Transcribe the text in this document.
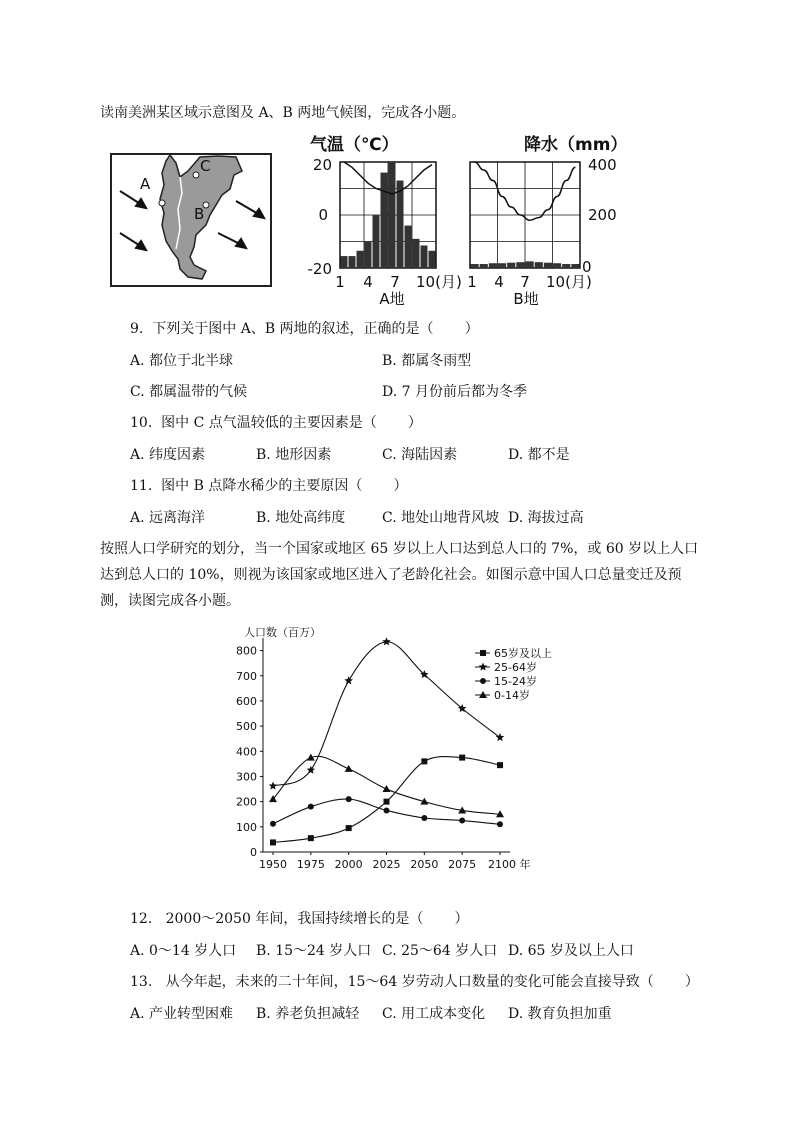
读南美洲某区域示意图及 A、B 两地气候图，完成各小题。
C
A
B
气温（℃）
20
0
-20
1 4 7 10(月)
A地
降水（mm）
400
200
0
1 4 7 10(月)
B地
9.  下列关于图中 A、B 两地的叙述，正确的是（       ）
A. 都位于北半球	B. 都属冬雨型
C. 都属温带的气候	D. 7 月份前后都为冬季
10.  图中 C 点气温较低的主要因素是（       ）
A. 纬度因素	B. 地形因素	C. 海陆因素	D. 都不是
11.  图中 B 点降水稀少的主要原因（       ）
A. 远离海洋	B. 地处高纬度	C. 地处山地背风坡 D. 海拔过高
按照人口学研究的划分，当一个国家或地区 65 岁以上人口达到总人口的 7%，或 60 岁以上人口达到总人口的 10%，则视为该国家或地区进入了老龄化社会。如图示意中国人口总量变迁及预测，读图完成各小题。
人口数（百万）
0
100
200
300
400
500
600
700
800
1950 1975 2000 2025 2050 2075 2100 年
65岁及以上
25-64岁
15-24岁
0-14岁
12.   2000～2050 年间，我国持续增长的是（       ）
A. 0～14 岁人口 B. 15～24 岁人口 C. 25～64 岁人口 D. 65 岁及以上人口
13.   从今年起，未来的二十年间，15～64 岁劳动人口数量的变化可能会直接导致（       ）
A. 产业转型困难 B. 养老负担减轻 C. 用工成本变化 D. 教育负担加重
